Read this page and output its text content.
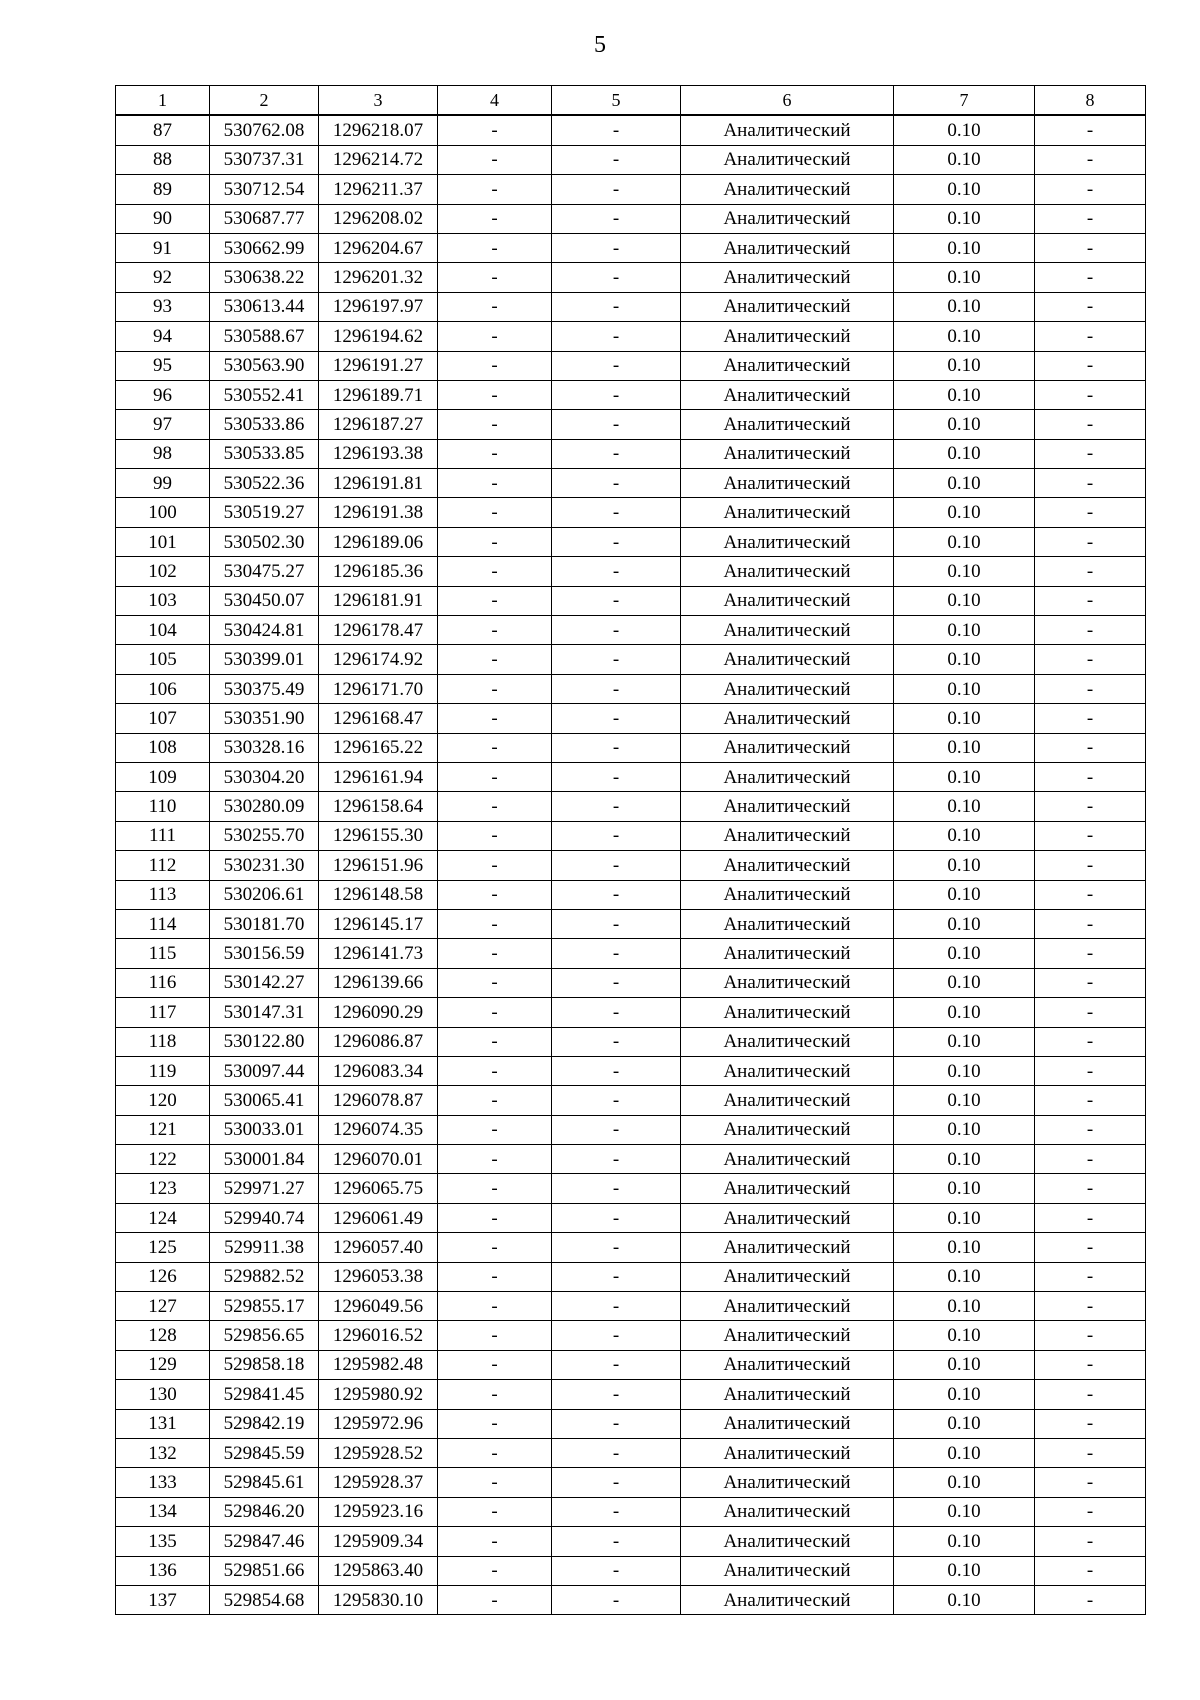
5
1	2	3	4	5	6	7	8
87	530762.08	1296218.07	-	-	Аналитический	0.10	-
88	530737.31	1296214.72	-	-	Аналитический	0.10	-
89	530712.54	1296211.37	-	-	Аналитический	0.10	-
90	530687.77	1296208.02	-	-	Аналитический	0.10	-
91	530662.99	1296204.67	-	-	Аналитический	0.10	-
92	530638.22	1296201.32	-	-	Аналитический	0.10	-
93	530613.44	1296197.97	-	-	Аналитический	0.10	-
94	530588.67	1296194.62	-	-	Аналитический	0.10	-
95	530563.90	1296191.27	-	-	Аналитический	0.10	-
96	530552.41	1296189.71	-	-	Аналитический	0.10	-
97	530533.86	1296187.27	-	-	Аналитический	0.10	-
98	530533.85	1296193.38	-	-	Аналитический	0.10	-
99	530522.36	1296191.81	-	-	Аналитический	0.10	-
100	530519.27	1296191.38	-	-	Аналитический	0.10	-
101	530502.30	1296189.06	-	-	Аналитический	0.10	-
102	530475.27	1296185.36	-	-	Аналитический	0.10	-
103	530450.07	1296181.91	-	-	Аналитический	0.10	-
104	530424.81	1296178.47	-	-	Аналитический	0.10	-
105	530399.01	1296174.92	-	-	Аналитический	0.10	-
106	530375.49	1296171.70	-	-	Аналитический	0.10	-
107	530351.90	1296168.47	-	-	Аналитический	0.10	-
108	530328.16	1296165.22	-	-	Аналитический	0.10	-
109	530304.20	1296161.94	-	-	Аналитический	0.10	-
110	530280.09	1296158.64	-	-	Аналитический	0.10	-
111	530255.70	1296155.30	-	-	Аналитический	0.10	-
112	530231.30	1296151.96	-	-	Аналитический	0.10	-
113	530206.61	1296148.58	-	-	Аналитический	0.10	-
114	530181.70	1296145.17	-	-	Аналитический	0.10	-
115	530156.59	1296141.73	-	-	Аналитический	0.10	-
116	530142.27	1296139.66	-	-	Аналитический	0.10	-
117	530147.31	1296090.29	-	-	Аналитический	0.10	-
118	530122.80	1296086.87	-	-	Аналитический	0.10	-
119	530097.44	1296083.34	-	-	Аналитический	0.10	-
120	530065.41	1296078.87	-	-	Аналитический	0.10	-
121	530033.01	1296074.35	-	-	Аналитический	0.10	-
122	530001.84	1296070.01	-	-	Аналитический	0.10	-
123	529971.27	1296065.75	-	-	Аналитический	0.10	-
124	529940.74	1296061.49	-	-	Аналитический	0.10	-
125	529911.38	1296057.40	-	-	Аналитический	0.10	-
126	529882.52	1296053.38	-	-	Аналитический	0.10	-
127	529855.17	1296049.56	-	-	Аналитический	0.10	-
128	529856.65	1296016.52	-	-	Аналитический	0.10	-
129	529858.18	1295982.48	-	-	Аналитический	0.10	-
130	529841.45	1295980.92	-	-	Аналитический	0.10	-
131	529842.19	1295972.96	-	-	Аналитический	0.10	-
132	529845.59	1295928.52	-	-	Аналитический	0.10	-
133	529845.61	1295928.37	-	-	Аналитический	0.10	-
134	529846.20	1295923.16	-	-	Аналитический	0.10	-
135	529847.46	1295909.34	-	-	Аналитический	0.10	-
136	529851.66	1295863.40	-	-	Аналитический	0.10	-
137	529854.68	1295830.10	-	-	Аналитический	0.10	-
